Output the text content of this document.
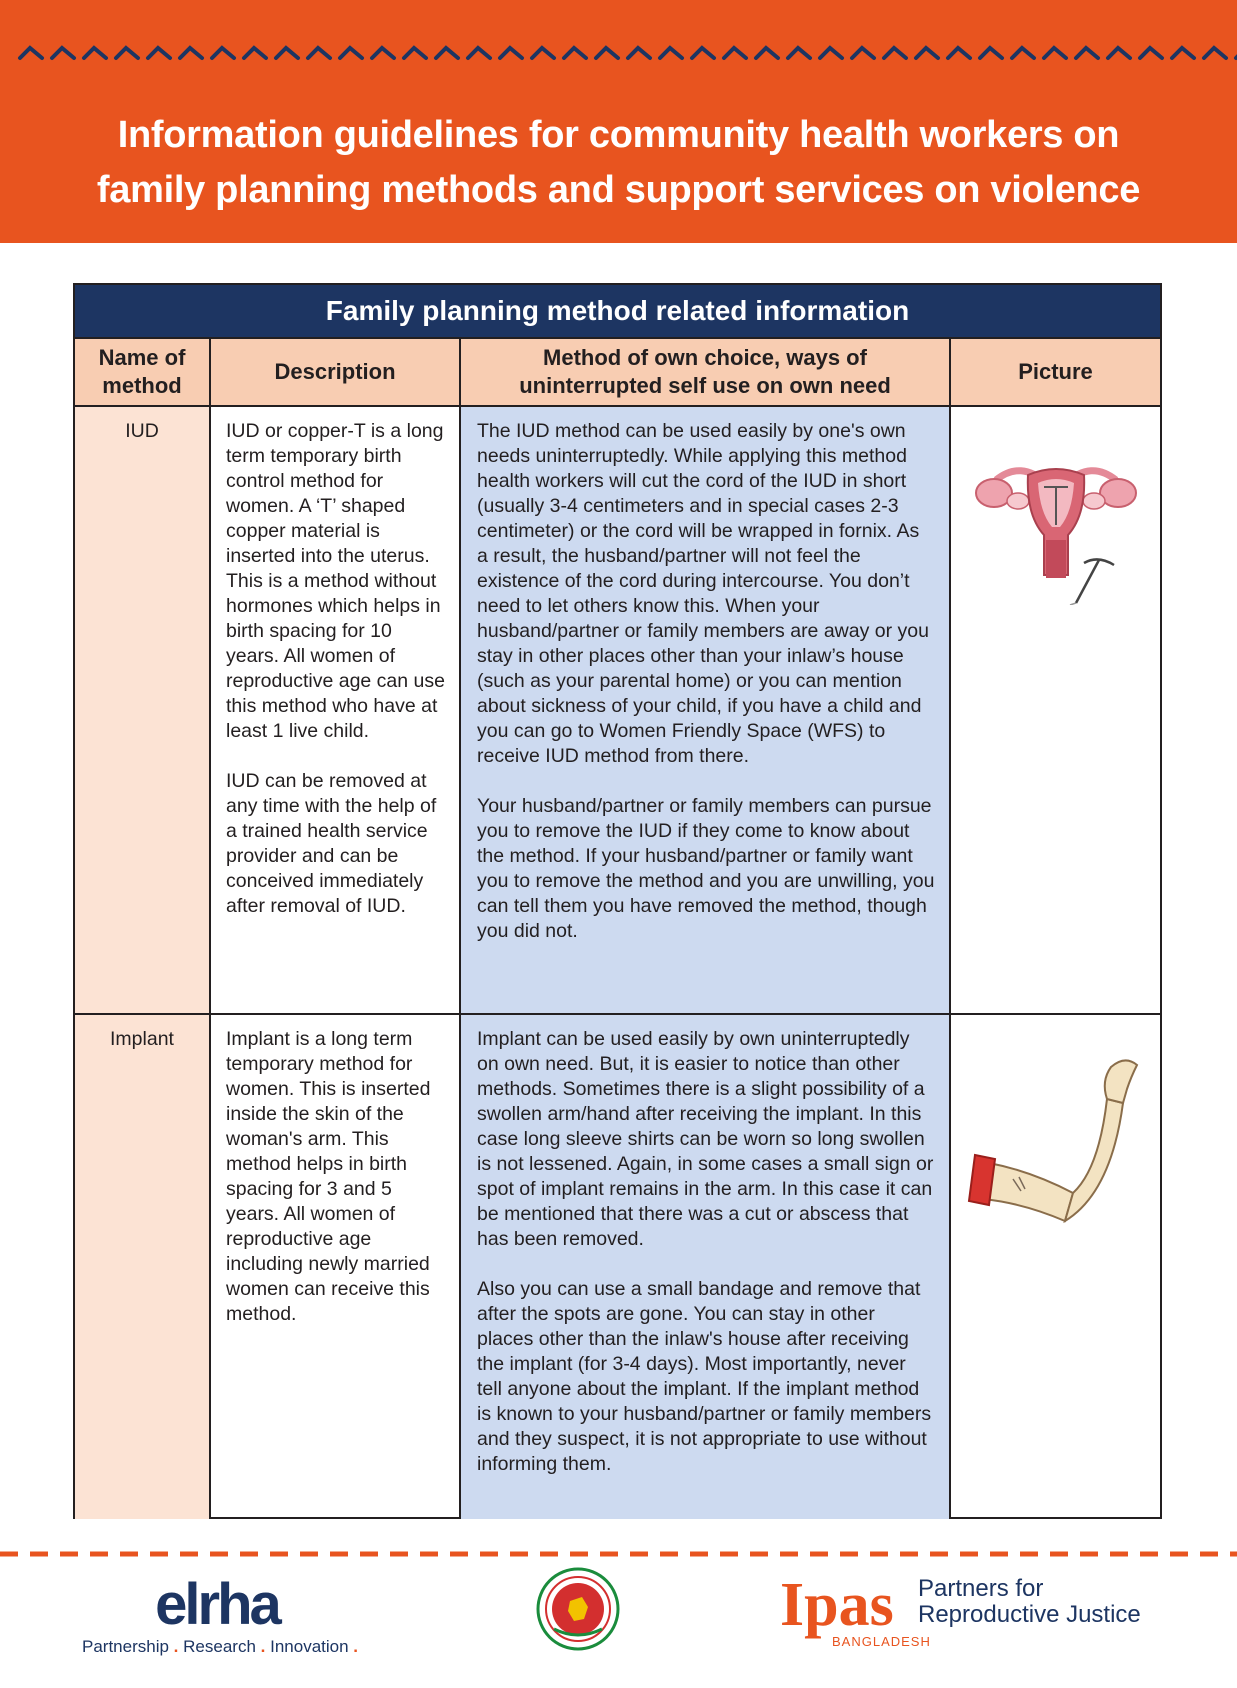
Information guidelines for community health workers on
family planning methods and support services on violence
Family planning method related information
Name of method
Description
Method of own choice, ways of uninterrupted self use on own need
Picture
IUD	IUD or copper-T is a long term temporary birth control method for women. A ‘T’ shaped copper material is inserted into the uterus. This is a method without hormones which helps in birth spacing for 10 years. All women of reproductive age can use this method who have at least 1 live child.

IUD can be removed at any time with the help of a trained health service provider and can be conceived immediately after removal of IUD.

The IUD method can be used easily by one's own needs uninterruptedly. While applying this method health workers will cut the cord of the IUD in short (usually 3-4 centimeters and in special cases 2-3 centimeter) or the cord will be wrapped in fornix. As a result, the husband/partner will not feel the existence of the cord during intercourse. You don’t need to let others know this. When your husband/partner or family members are away or you stay in other places other than your inlaw’s house (such as your parental home) or you can mention about sickness of your child, if you have a child and you can go to Women Friendly Space (WFS) to receive IUD method from there.

Your husband/partner or family members can pursue you to remove the IUD if they come to know about the method. If your husband/partner or family want you to remove the method and you are unwilling, you can tell them you have removed the method, though you did not.

Implant	Implant is a long term temporary method for women. This is inserted inside the skin of the woman's arm. This method helps in birth spacing for 3 and 5 years. All women of reproductive age including newly married women can receive this method.

Implant can be used easily by own uninterruptedly on own need. But, it is easier to notice than other methods. Sometimes there is a slight possibility of a swollen arm/hand after receiving the implant. In this case long sleeve shirts can be worn so long swollen is not lessened. Again, in some cases a small sign or spot of implant remains in the arm. In this case it can be mentioned that there was a cut or abscess that has been removed.

Also you can use a small bandage and remove that after the spots are gone. You can stay in other places other than the inlaw's house after receiving the implant (for 3-4 days). Most importantly, never tell anyone about the implant. If the implant method is known to your husband/partner or family members and they suspect, it is not appropriate to use without informing them.

elrha
Partnership . Research . Innovation .
Ipas
BANGLADESH
Partners for
Reproductive Justice
